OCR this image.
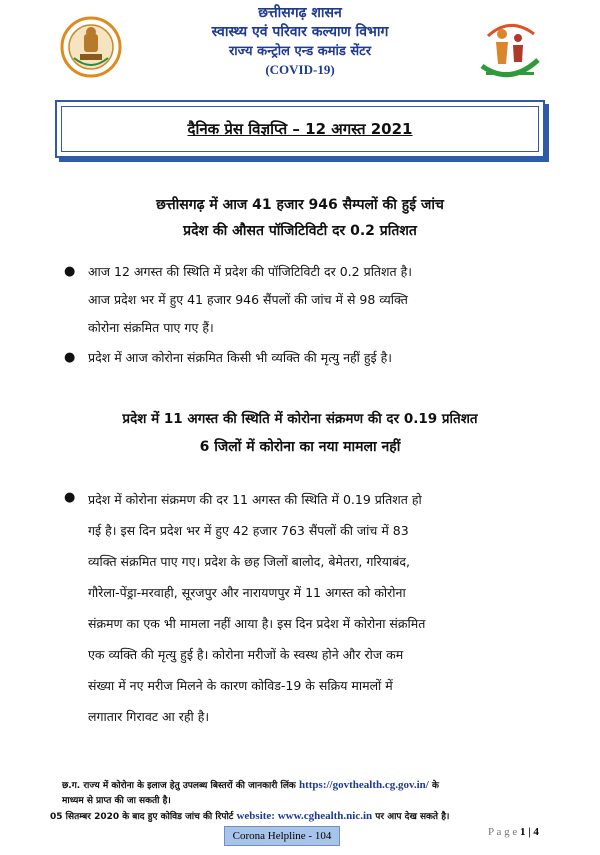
छत्तीसगढ़ शासन
स्वास्थ्य एवं परिवार कल्याण विभाग
राज्य कन्ट्रोल एन्ड कमांड सेंटर
(COVID-19)
दैनिक प्रेस विज्ञप्ति – 12 अगस्त 2021
छत्तीसगढ़ में आज 41 हजार 946 सैम्पलों की हुई जांच
प्रदेश की औसत पॉजिटिविटी दर 0.2 प्रतिशत
● आज 12 अगस्त की स्थिति में प्रदेश की पॉजिटिविटी दर 0.2 प्रतिशत है।
आज प्रदेश भर में हुए 41 हजार 946 सैंपलों की जांच में से 98 व्यक्ति
कोरोना संक्रमित पाए गए हैं।
● प्रदेश में आज कोरोना संक्रमित किसी भी व्यक्ति की मृत्यु नहीं हुई है।
प्रदेश में 11 अगस्त की स्थिति में कोरोना संक्रमण की दर 0.19 प्रतिशत
6 जिलों में कोरोना का नया मामला नहीं
● प्रदेश में कोरोना संक्रमण की दर 11 अगस्त की स्थिति में 0.19 प्रतिशत हो
गई है। इस दिन प्रदेश भर में हुए 42 हजार 763 सैंपलों की जांच में 83
व्यक्ति संक्रमित पाए गए। प्रदेश के छह जिलों बालोद, बेमेतरा, गरियाबंद,
गौरेला-पेंड्रा-मरवाही, सूरजपुर और नारायणपुर में 11 अगस्त को कोरोना
संक्रमण का एक भी मामला नहीं आया है। इस दिन प्रदेश में कोरोना संक्रमित
एक व्यक्ति की मृत्यु हुई है। कोरोना मरीजों के स्वस्थ होने और रोज कम
संख्या में नए मरीज मिलने के कारण कोविड-19 के सक्रिय मामलों में
लगातार गिरावट आ रही है।
छ.ग. राज्य में कोरोना के इलाज हेतु उपलब्ध बिस्तरों की जानकारी लिंक https://govthealth.cg.gov.in/ के
माध्यम से प्राप्त की जा सकती है।
05 सितम्बर 2020 के बाद हुए कोविड जांच की रिपोर्ट website: www.cghealth.nic.in पर आप देख सकते है।
Corona Helpline - 104	P a g e 1 | 4
